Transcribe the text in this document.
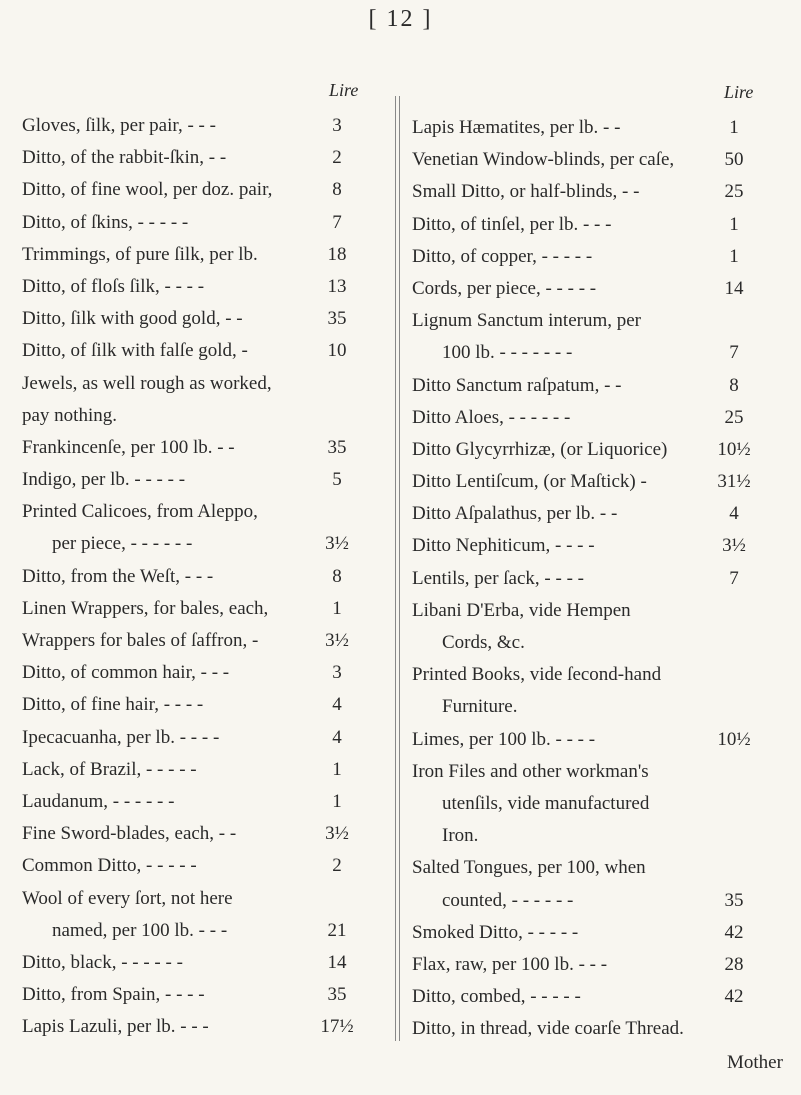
[ 12 ]
Lire
Gloves, ſilk, per pair, - - -	3
Ditto, of the rabbit-ſkin, - -	2
Ditto, of fine wool, per doz. pair,	8
Ditto, of ſkins, - - - - -	7
Trimmings, of pure ſilk, per lb.	18
Ditto, of floſs ſilk, - - - -	13
Ditto, ſilk with good gold, - -	35
Ditto, of ſilk with falſe gold, -	10
Jewels, as well rough as worked,
pay nothing.
Frankincenſe, per 100 lb. - -	35
Indigo, per lb. - - - - -	5
Printed Calicoes, from Aleppo,
per piece, - - - - - -	3½
Ditto, from the Weſt, - - -	8
Linen Wrappers, for bales, each,	1
Wrappers for bales of ſaffron, -	3½
Ditto, of common hair, - - -	3
Ditto, of fine hair, - - - -	4
Ipecacuanha, per lb. - - - -	4
Lack, of Brazil, - - - - -	1
Laudanum, - - - - - -	1
Fine Sword-blades, each, - -	3½
Common Ditto, - - - - -	2
Wool of every ſort, not here
named, per 100 lb. - - -	21
Ditto, black, - - - - - -	14
Ditto, from Spain, - - - -	35
Lapis Lazuli, per lb. - - -	17½
Lire
Lapis Hæmatites, per lb. - -	1
Venetian Window-blinds, per caſe,	50
Small Ditto, or half-blinds, - -	25
Ditto, of tinſel, per lb. - - -	1
Ditto, of copper, - - - - -	1
Cords, per piece, - - - - -	14
Lignum Sanctum interum, per
100 lb. - - - - - - -	7
Ditto Sanctum raſpatum, - -	8
Ditto Aloes, - - - - - -	25
Ditto Glycyrrhizæ, (or Liquorice)	10½
Ditto Lentiſcum, (or Maſtick) -	31½
Ditto Aſpalathus, per lb. - -	4
Ditto Nephiticum, - - - -	3½
Lentils, per ſack, - - - -	7
Libani D'Erba, vide Hempen
Cords, &c.
Printed Books, vide ſecond-hand
Furniture.
Limes, per 100 lb. - - - -	10½
Iron Files and other workman's
utenſils, vide manufactured
Iron.
Salted Tongues, per 100, when
counted, - - - - - -	35
Smoked Ditto, - - - - -	42
Flax, raw, per 100 lb. - - -	28
Ditto, combed, - - - - -	42
Ditto, in thread, vide coarſe Thread.
Mother
